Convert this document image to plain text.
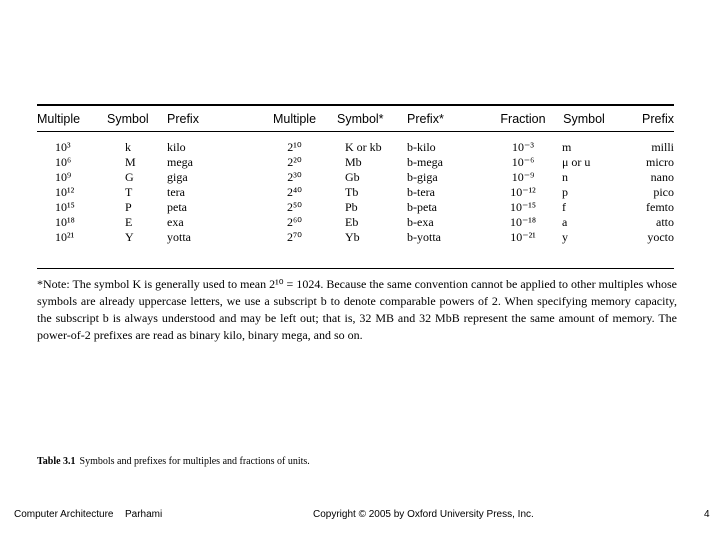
Multiple	Symbol	Prefix	Multiple	Symbol*	Prefix*	Fraction	Symbol	Prefix

10³	k	kilo	2¹⁰	K or kb	b-kilo	10⁻³	m	milli
10⁶	M	mega	2²⁰	Mb	b-mega	10⁻⁶	μ or u	micro
10⁹	G	giga	2³⁰	Gb	b-giga	10⁻⁹	n	nano
10¹²	T	tera	2⁴⁰	Tb	b-tera	10⁻¹²	p	pico
10¹⁵	P	peta	2⁵⁰	Pb	b-peta	10⁻¹⁵	f	femto
10¹⁸	E	exa	2⁶⁰	Eb	b-exa	10⁻¹⁸	a	atto
10²¹	Y	yotta	2⁷⁰	Yb	b-yotta	10⁻²¹	y	yocto

*Note: The symbol K is generally used to mean 2¹⁰ = 1024. Because the same convention cannot be applied to other multiples whose symbols are already uppercase letters, we use a subscript b to denote comparable powers of 2. When specifying memory capacity, the subscript b is always understood and may be left out; that is, 32 MB and 32 MbB represent the same amount of memory. The power-of-2 prefixes are read as binary kilo, binary mega, and so on.

Table 3.1 Symbols and prefixes for multiples and fractions of units.

Computer Architecture Parhami	Copyright © 2005 by Oxford University Press, Inc.	4
